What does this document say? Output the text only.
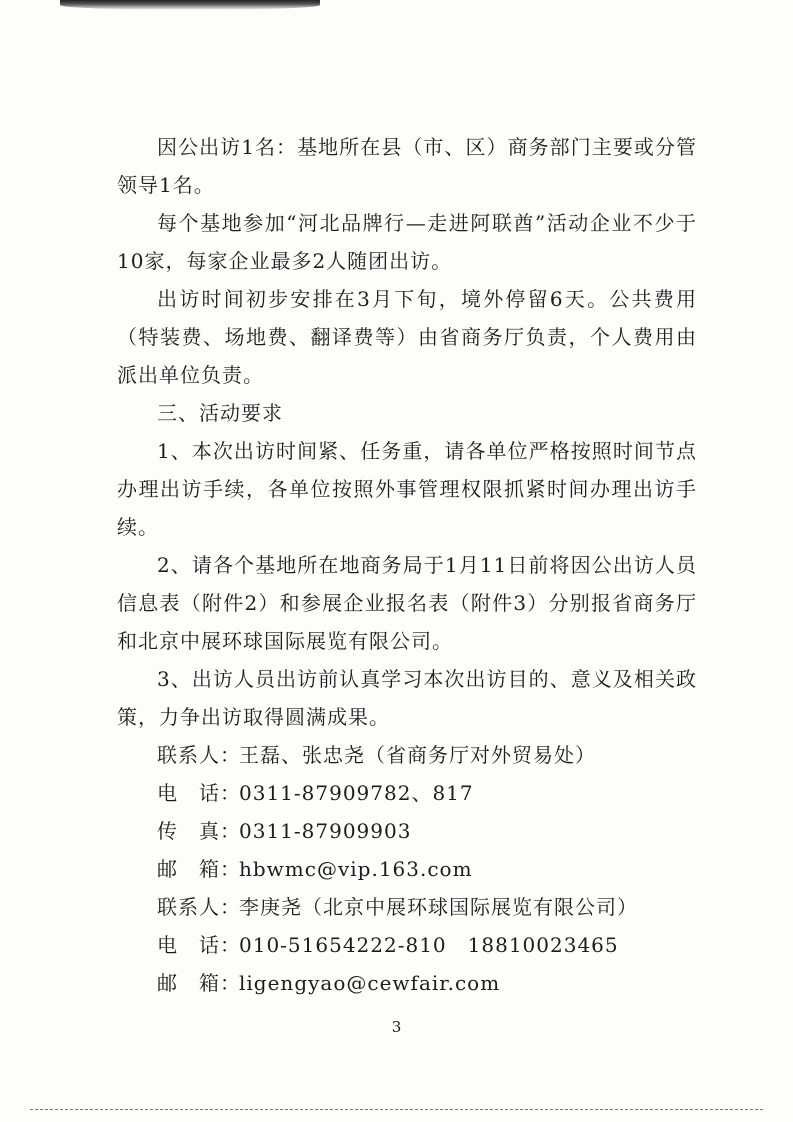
因公出访1名：基地所在县（市、区）商务部门主要或分管领导1名。

每个基地参加“河北品牌行—走进阿联酋”活动企业不少于10家，每家企业最多2人随团出访。

出访时间初步安排在3月下旬，境外停留6天。公共费用（特装费、场地费、翻译费等）由省商务厅负责，个人费用由派出单位负责。

三、活动要求

1、本次出访时间紧、任务重，请各单位严格按照时间节点办理出访手续，各单位按照外事管理权限抓紧时间办理出访手续。

2、请各个基地所在地商务局于1月11日前将因公出访人员信息表（附件2）和参展企业报名表（附件3）分别报省商务厅和北京中展环球国际展览有限公司。

3、出访人员出访前认真学习本次出访目的、意义及相关政策，力争出访取得圆满成果。

联系人：
王磊、张忠尧（省商务厅对外贸易处）

电　话：
0311-87909782、817

传　真：
0311-87909903

邮　箱：
hbwmc@vip.163.com

联系人：
李庚尧（北京中展环球国际展览有限公司）

电　话：
010-51654222-810　18810023465

邮　箱：
ligengyao@cewfair.com

3
